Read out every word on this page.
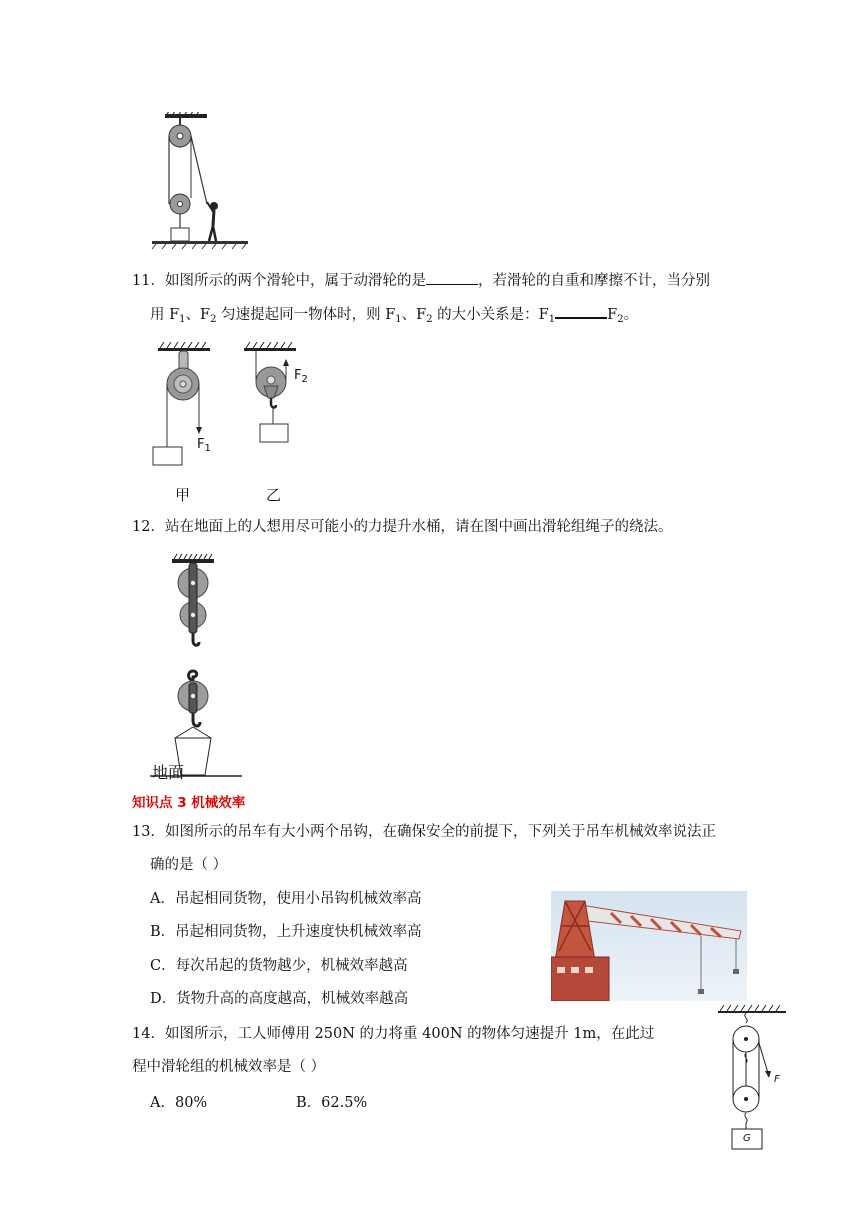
11．如图所示的两个滑轮中，属于动滑轮的是	，若滑轮的自重和摩擦不计，当分别
用 $F_1$、$F_2$ 匀速提起同一物体时，则 $F_1$、$F_2$ 的大小关系是：$F_1$	$F_2$。
$F_1$
$F_2$
甲	乙
12．站在地面上的人想用尽可能小的力提升水桶，请在图中画出滑轮组绳子的绕法。
地面
知识点 3 机械效率
13．如图所示的吊车有大小两个吊钩，在确保安全的前提下，下列关于吊车机械效率说法正
确的是（ ）
A．吊起相同货物，使用小吊钩机械效率高
B．吊起相同货物，上升速度快机械效率高
C．每次吊起的货物越少，机械效率越高
D．货物升高的高度越高，机械效率越高
14．如图所示，工人师傅用 250N 的力将重 400N 的物体匀速提升 1m，在此过
程中滑轮组的机械效率是（ ）
A．80%	B．62.5%
F
G
